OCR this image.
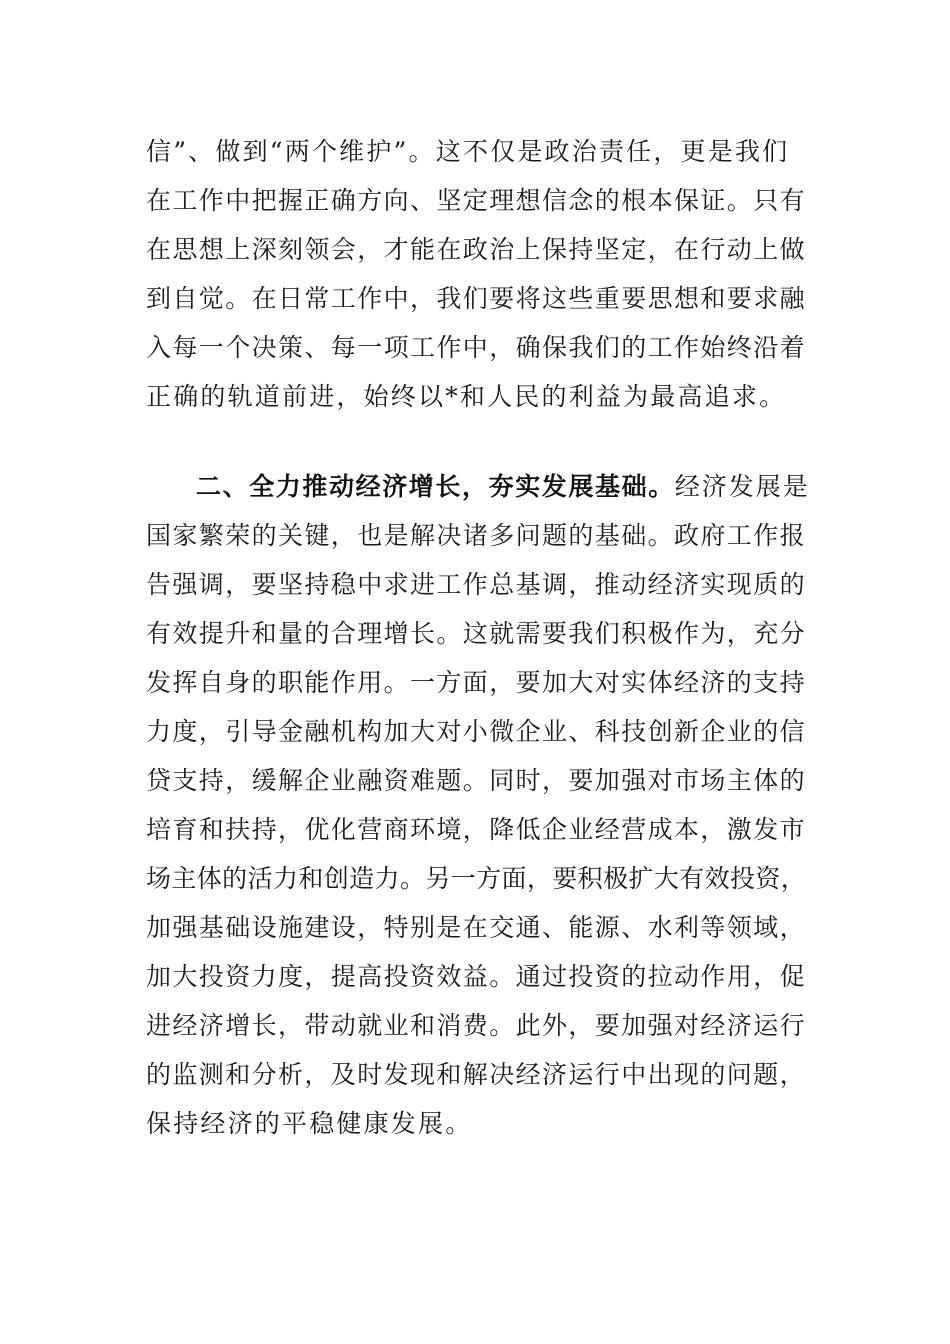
信”、做到“两个维护”。这不仅是政治责任，更是我们
在工作中把握正确方向、坚定理想信念的根本保证。只有
在思想上深刻领会，才能在政治上保持坚定，在行动上做
到自觉。在日常工作中，我们要将这些重要思想和要求融
入每一个决策、每一项工作中，确保我们的工作始终沿着
正确的轨道前进，始终以*和人民的利益为最高追求。
二、全力推动经济增长，夯实发展基础。经济发展是
国家繁荣的关键，也是解决诸多问题的基础。政府工作报
告强调，要坚持稳中求进工作总基调，推动经济实现质的
有效提升和量的合理增长。这就需要我们积极作为，充分
发挥自身的职能作用。一方面，要加大对实体经济的支持
力度，引导金融机构加大对小微企业、科技创新企业的信
贷支持，缓解企业融资难题。同时，要加强对市场主体的
培育和扶持，优化营商环境，降低企业经营成本，激发市
场主体的活力和创造力。另一方面，要积极扩大有效投资，
加强基础设施建设，特别是在交通、能源、水利等领域，
加大投资力度，提高投资效益。通过投资的拉动作用，促
进经济增长，带动就业和消费。此外，要加强对经济运行
的监测和分析，及时发现和解决经济运行中出现的问题，
保持经济的平稳健康发展。
